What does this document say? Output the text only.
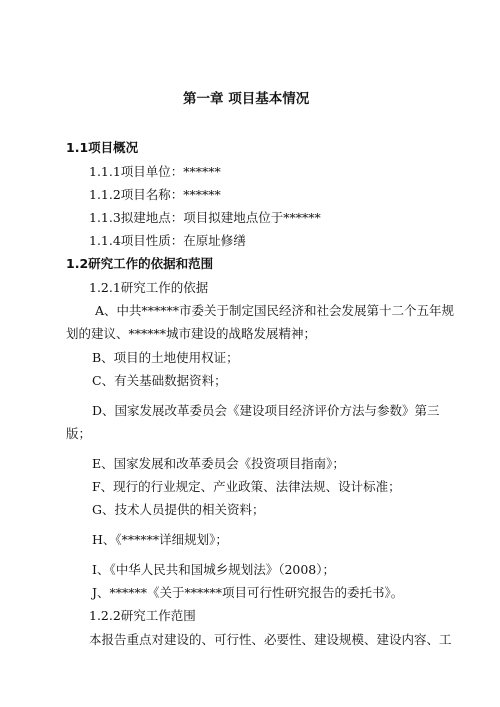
第一章 项目基本情况
1.1项目概况
1.1.1项目单位：******
1.1.2项目名称：******
1.1.3拟建地点：项目拟建地点位于******
1.1.4项目性质：在原址修缮
1.2研究工作的依据和范围
1.2.1研究工作的依据
A、中共******市委关于制定国民经济和社会发展第十二个五年规
划的建议、******城市建设的战略发展精神；
B、项目的土地使用权证；
C、有关基础数据资料；
D、国家发展改革委员会《建设项目经济评价方法与参数》第三
版；
E、国家发展和改革委员会《投资项目指南》；
F、现行的行业规定、产业政策、法律法规、设计标准；
G、技术人员提供的相关资料；
H、《******详细规划》；
I、《中华人民共和国城乡规划法》（2008）；
J、******《关于******项目可行性研究报告的委托书》。
1.2.2研究工作范围
本报告重点对建设的、可行性、必要性、建设规模、建设内容、工
